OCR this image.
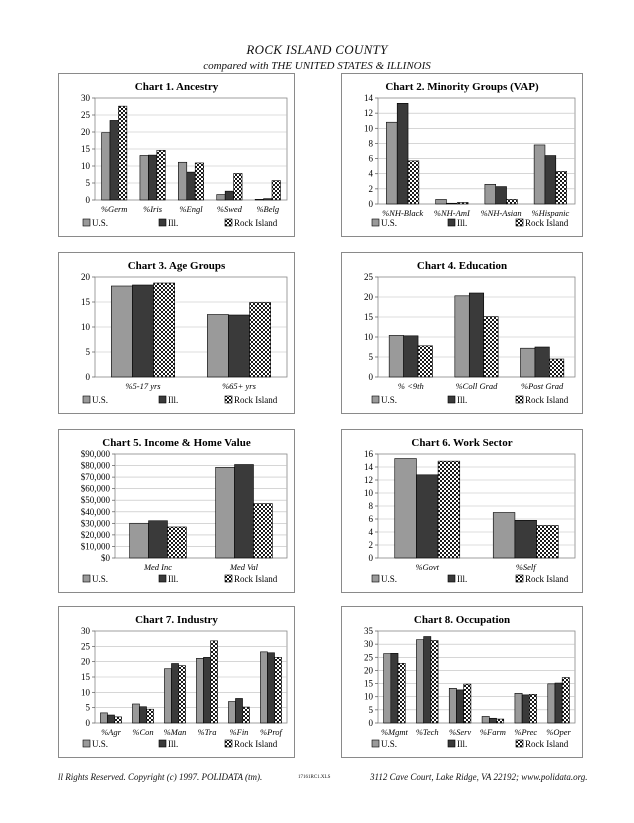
ROCK ISLAND COUNTY
compared with THE UNITED STATES & ILLINOIS
Chart 1. Ancestry
0
5
10
15
20
25
30
%Germ %Iris %Engl %Swed %Belg
U.S.	Ill.	Rock Island
Chart 2. Minority Groups (VAP)
0
2
4
6
8
10
12
14
%NH-Black %NH-AmI %NH-Asian %Hispanic
U.S.	Ill.	Rock Island
Chart 3. Age Groups
0
5
10
15
20
%5-17 yrs	%65+ yrs
U.S.	Ill.	Rock Island
Chart 4. Education
0
5
10
15
20
25
% <9th	%Coll Grad	%Post Grad
U.S.	Ill.	Rock Island
Chart 5. Income & Home Value
$0
$10,000
$20,000
$30,000
$40,000
$50,000
$60,000
$70,000
$80,000
$90,000
Med Inc	Med Val
U.S.	Ill.	Rock Island
Chart 6. Work Sector
0
2
4
6
8
10
12
14
16
%Govt	%Self
U.S.	Ill.	Rock Island
Chart 7. Industry
0
5
10
15
20
25
30
%Agr %Con %Man %Tra %Fin %Prof
U.S.	Ill.	Rock Island
Chart 8. Occupation
0
5
10
15
20
25
30
35
%Mgmt %Tech %Serv %Farm %Prec %Oper
U.S.	Ill.	Rock Island
ll Rights Reserved. Copyright (c) 1997. POLIDATA (tm).	17161RC1.XLS	3112 Cave Court, Lake Ridge, VA 22192; www.polidata.org.
